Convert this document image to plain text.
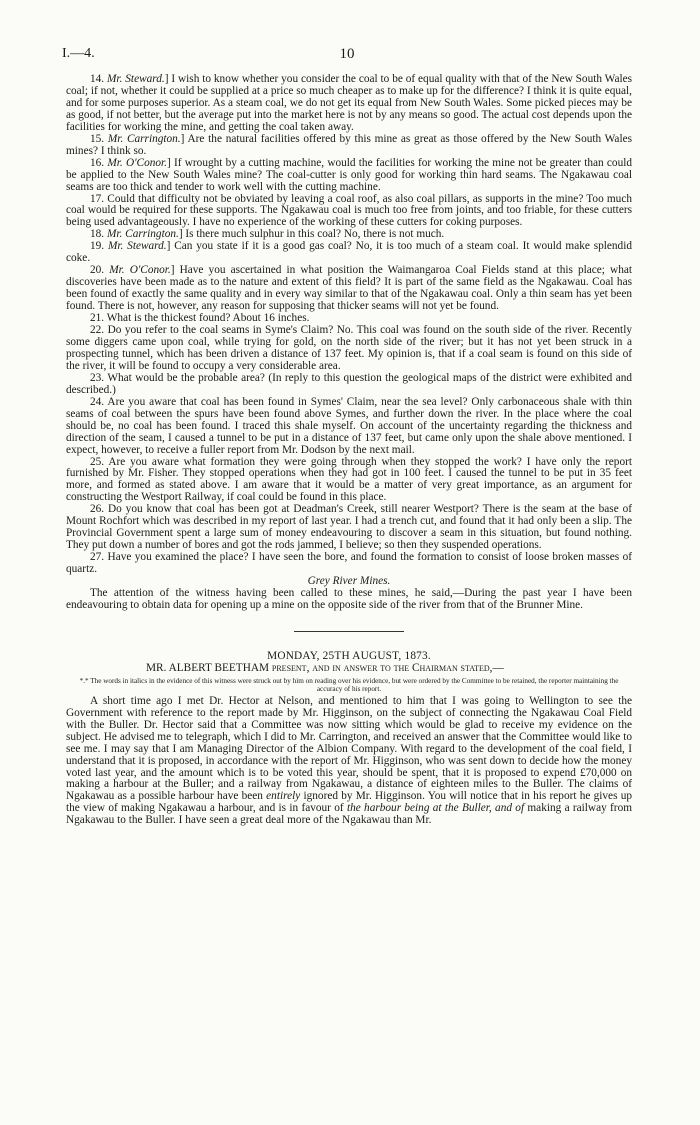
I.—4.	10

14. Mr. Steward.] I wish to know whether you consider the coal to be of equal quality with that of the New South Wales coal; if not, whether it could be supplied at a price so much cheaper as to make up for the difference? I think it is quite equal, and for some purposes superior. As a steam coal, we do not get its equal from New South Wales. Some picked pieces may be as good, if not better, but the average put into the market here is not by any means so good. The actual cost depends upon the facilities for working the mine, and getting the coal taken away.

15. Mr. Carrington.] Are the natural facilities offered by this mine as great as those offered by the New South Wales mines? I think so.

16. Mr. O'Conor.] If wrought by a cutting machine, would the facilities for working the mine not be greater than could be applied to the New South Wales mine? The coal-cutter is only good for working thin hard seams. The Ngakawau coal seams are too thick and tender to work well with the cutting machine.

17. Could that difficulty not be obviated by leaving a coal roof, as also coal pillars, as supports in the mine? Too much coal would be required for these supports. The Ngakawau coal is much too free from joints, and too friable, for these cutters being used advantageously. I have no experience of the working of these cutters for coking purposes.

18. Mr. Carrington.] Is there much sulphur in this coal? No, there is not much.

19. Mr. Steward.] Can you state if it is a good gas coal? No, it is too much of a steam coal. It would make splendid coke.

20. Mr. O'Conor.] Have you ascertained in what position the Waimangaroa Coal Fields stand at this place; what discoveries have been made as to the nature and extent of this field? It is part of the same field as the Ngakawau. Coal has been found of exactly the same quality and in every way similar to that of the Ngakawau coal. Only a thin seam has yet been found. There is not, however, any reason for supposing that thicker seams will not yet be found.

21. What is the thickest found? About 16 inches.

22. Do you refer to the coal seams in Syme's Claim? No. This coal was found on the south side of the river. Recently some diggers came upon coal, while trying for gold, on the north side of the river; but it has not yet been struck in a prospecting tunnel, which has been driven a distance of 137 feet. My opinion is, that if a coal seam is found on this side of the river, it will be found to occupy a very considerable area.

23. What would be the probable area? (In reply to this question the geological maps of the district were exhibited and described.)

24. Are you aware that coal has been found in Symes' Claim, near the sea level? Only carbonaceous shale with thin seams of coal between the spurs have been found above Symes, and further down the river. In the place where the coal should be, no coal has been found. I traced this shale myself. On account of the uncertainty regarding the thickness and direction of the seam, I caused a tunnel to be put in a distance of 137 feet, but came only upon the shale above mentioned. I expect, however, to receive a fuller report from Mr. Dodson by the next mail.

25. Are you aware what formation they were going through when they stopped the work? I have only the report furnished by Mr. Fisher. They stopped operations when they had got in 100 feet. I caused the tunnel to be put in 35 feet more, and formed as stated above. I am aware that it would be a matter of very great importance, as an argument for constructing the Westport Railway, if coal could be found in this place.

26. Do you know that coal has been got at Deadman's Creek, still nearer Westport? There is the seam at the base of Mount Rochfort which was described in my report of last year. I had a trench cut, and found that it had only been a slip. The Provincial Government spent a large sum of money endeavouring to discover a seam in this situation, but found nothing. They put down a number of bores and got the rods jammed, I believe; so then they suspended operations.

27. Have you examined the place? I have seen the bore, and found the formation to consist of loose broken masses of quartz.

Grey River Mines.

The attention of the witness having been called to these mines, he said,—During the past year I have been endeavouring to obtain data for opening up a mine on the opposite side of the river from that of the Brunner Mine.

MONDAY, 25TH AUGUST, 1873.

MR. ALBERT BEETHAM present, and in answer to the Chairman stated,—

*.* The words in italics in the evidence of this witness were struck out by him on reading over his evidence, but were ordered by the Committee to be retained, the reporter maintaining the accuracy of his report.

A short time ago I met Dr. Hector at Nelson, and mentioned to him that I was going to Wellington to see the Government with reference to the report made by Mr. Higginson, on the subject of connecting the Ngakawau Coal Field with the Buller. Dr. Hector said that a Committee was now sitting which would be glad to receive my evidence on the subject. He advised me to telegraph, which I did to Mr. Carrington, and received an answer that the Committee would like to see me. I may say that I am Managing Director of the Albion Company. With regard to the development of the coal field, I understand that it is proposed, in accordance with the report of Mr. Higginson, who was sent down to decide how the money voted last year, and the amount which is to be voted this year, should be spent, that it is proposed to expend £70,000 on making a harbour at the Buller; and a railway from Ngakawau, a distance of eighteen miles to the Buller. The claims of Ngakawau as a possible harbour have been entirely ignored by Mr. Higginson. You will notice that in his report he gives up the view of making Ngakawau a harbour, and is in favour of the harbour being at the Buller, and of making a railway from Ngakawau to the Buller. I have seen a great deal more of the Ngakawau than Mr.
